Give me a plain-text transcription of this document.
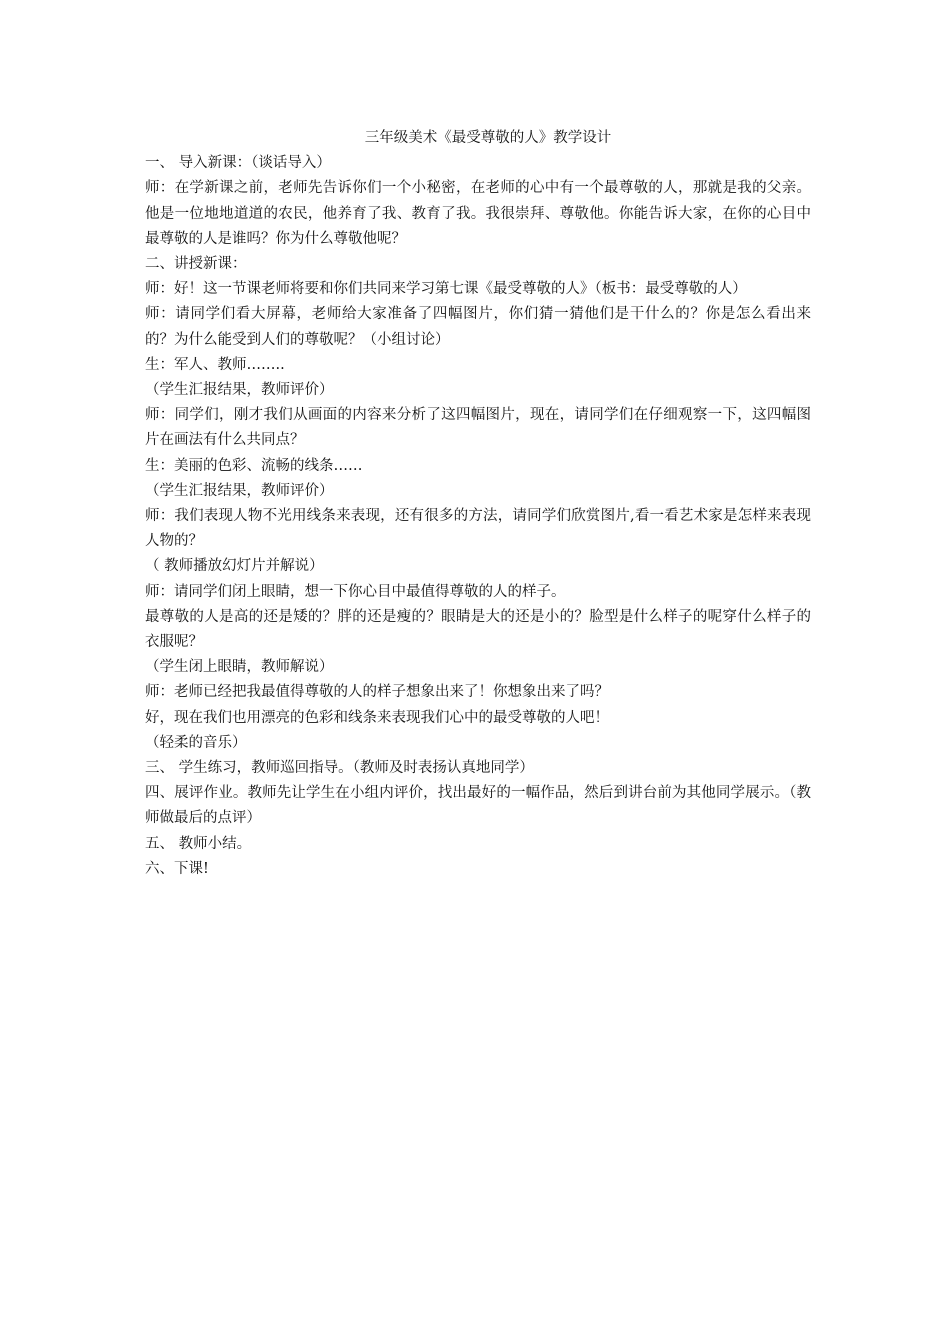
三年级美术《最受尊敬的人》教学设计

一、 导入新课：（谈话导入）

师：在学新课之前，老师先告诉你们一个小秘密，在老师的心中有一个最尊敬的人，那就是我的父亲。他是一位地地道道的农民，他养育了我、教育了我。我很崇拜、尊敬他。你能告诉大家，在你的心目中最尊敬的人是谁吗？你为什么尊敬他呢？

二、讲授新课：

师：好！这一节课老师将要和你们共同来学习第七课《最受尊敬的人》（板书：最受尊敬的人）

师：请同学们看大屏幕，老师给大家准备了四幅图片，你们猜一猜他们是干什么的？你是怎么看出来的？为什么能受到人们的尊敬呢？（小组讨论）

生：军人、教师……..

（学生汇报结果，教师评价）

师：同学们，刚才我们从画面的内容来分析了这四幅图片，现在，请同学们在仔细观察一下，这四幅图片在画法有什么共同点？

生：美丽的色彩、流畅的线条……

（学生汇报结果，教师评价）

师：我们表现人物不光用线条来表现，还有很多的方法，请同学们欣赏图片,看一看艺术家是怎样来表现人物的？

（ 教师播放幻灯片并解说）

师：请同学们闭上眼睛，想一下你心目中最值得尊敬的人的样子。

最尊敬的人是高的还是矮的？胖的还是瘦的？眼睛是大的还是小的？脸型是什么样子的呢穿什么样子的衣服呢？

（学生闭上眼睛，教师解说）

师：老师已经把我最值得尊敬的人的样子想象出来了！你想象出来了吗？

好，现在我们也用漂亮的色彩和线条来表现我们心中的最受尊敬的人吧！

（轻柔的音乐）

三、 学生练习，教师巡回指导。（教师及时表扬认真地同学）

四、展评作业。教师先让学生在小组内评价，找出最好的一幅作品，然后到讲台前为其他同学展示。（教师做最后的点评）

五、 教师小结。

六、下课!
